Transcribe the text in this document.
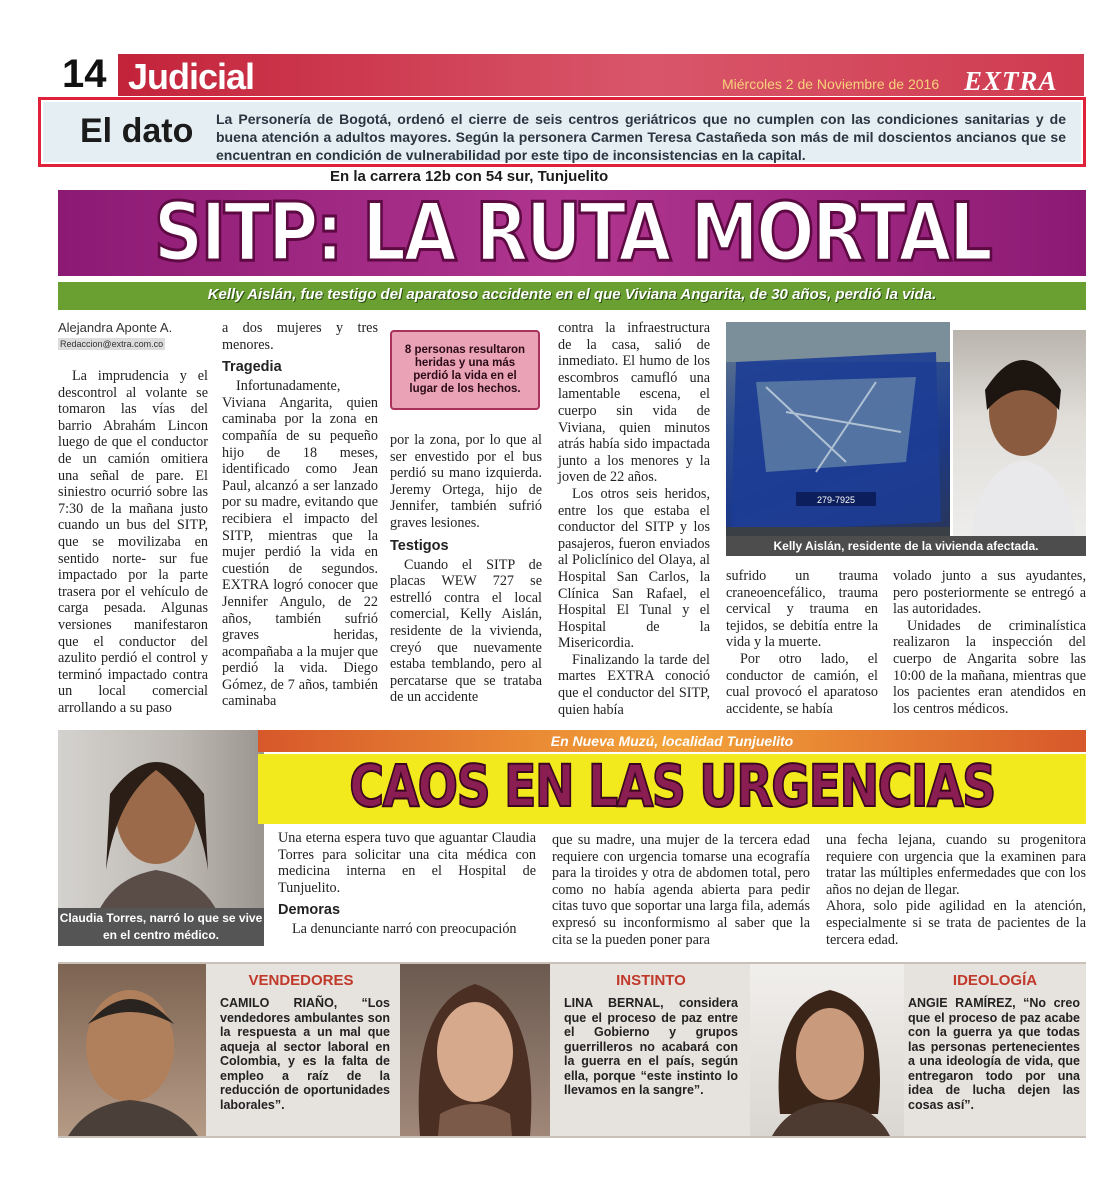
14 Judicial	Miércoles 2 de Noviembre de 2016 EXTRA
El dato La Personería de Bogotá, ordenó el cierre de seis centros geriátricos que no cumplen con las condiciones sanitarias y de buena atención a adultos mayores. Según la personera Carmen Teresa Castañeda son más de mil doscientos ancianos que se encuentran en condición de vulnerabilidad por este tipo de inconsistencias en la capital.
En la carrera 12b con 54 sur, Tunjuelito
SITP: LA RUTA MORTAL
Kelly Aislán, fue testigo del aparatoso accidente en el que Viviana Angarita, de 30 años, perdió la vida.
Alejandra Aponte A.
Redaccion@extra.com.co

La imprudencia y el descontrol al volante se tomaron las vías del barrio Abrahám Lincon luego de que el conductor de un camión omitiera una señal de pare. El siniestro ocurrió sobre las 7:30 de la mañana justo cuando un bus del SITP, que se movilizaba en sentido norte- sur fue impactado por la parte trasera por el vehículo de carga pesada. Algunas versiones manifestaron que el conductor del azulito perdió el control y terminó impactado contra un local comercial arrollando a su paso

a dos mujeres y tres menores.
Tragedia

Infortunadamente, Viviana Angarita, quien caminaba por la zona en compañía de su pequeño hijo de 18 meses, identificado como Jean Paul, alcanzó a ser lanzado por su madre, evitando que recibiera el impacto del SITP, mientras que la mujer perdió la vida en cuestión de segundos. EXTRA logró conocer que Jennifer Angulo, de 22 años, también sufrió graves heridas, acompañaba a la mujer que perdió la vida. Diego Gómez, de 7 años, también caminaba

8 personas resultaron heridas y una más perdió la vida en el lugar de los hechos.
por la zona, por lo que al ser envestido por el bus perdió su mano izquierda. Jeremy Ortega, hijo de Jennifer, también sufrió graves lesiones.
Testigos

Cuando el SITP de placas WEW 727 se estrelló contra el local comercial, Kelly Aislán, residente de la vivienda, creyó que nuevamente estaba temblando, pero al percatarse que se trataba de un accidente

contra la infraestructura de la casa, salió de inmediato. El humo de los escombros camufló una lamentable escena, el cuerpo sin vida de Viviana, quien minutos atrás había sido impactada junto a los menores y la joven de 22 años.

Los otros seis heridos, entre los que estaba el conductor del SITP y los pasajeros, fueron enviados al Policlínico del Olaya, al Hospital San Carlos, la Clínica San Rafael, el Hospital El Tunal y el Hospital de la Misericordia.

Finalizando la tarde del martes EXTRA conoció que el conductor del SITP, quien había

279-7925
Kelly Aislán, residente de la vivienda afectada.
sufrido un trauma craneoencefálico, trauma cervical y trauma en tejidos, se debitía entre la vida y la muerte.

Por otro lado, el conductor de camión, el cual provocó el aparatoso accidente, se había

volado junto a sus ayudantes, pero posteriormente se entregó a las autoridades.

Unidades de criminalística realizaron la inspección del cuerpo de Angarita sobre las 10:00 de la mañana, mientras que los pacientes eran atendidos en los centros médicos.

Claudia Torres, narró lo que se vive en el centro médico.
En Nueva Muzú, localidad Tunjuelito
CAOS EN LAS URGENCIAS
Una eterna espera tuvo que aguantar Claudia Torres para solicitar una cita médica con medicina interna en el Hospital de Tunjuelito.
Demoras

La denunciante narró con preocupación

que su madre, una mujer de la tercera edad requiere con urgencia tomarse una ecografía para la tiroides y otra de abdomen total, pero como no había agenda abierta para pedir citas tuvo que soportar una larga fila, además expresó su inconformismo al saber que la cita se la pueden poner para
una fecha lejana, cuando su progenitora requiere con urgencia que la examinen para tratar las múltiples enfermedades que con los años no dejan de llegar.
Ahora, solo pide agilidad en la atención, especialmente si se trata de pacientes de la tercera edad.
VENDEDORES
CAMILO RIAÑO, “Los vendedores ambulantes son la respuesta a un mal que aqueja al sector laboral en Colombia, y es la falta de empleo a raíz de la reducción de oportunidades laborales”.
INSTINTO
LINA BERNAL, considera que el proceso de paz entre el Gobierno y grupos guerrilleros no acabará con la guerra en el país, según ella, porque “este instinto lo llevamos en la sangre”.
IDEOLOGÍA
ANGIE RAMÍREZ, “No creo que el proceso de paz acabe con la guerra ya que todas las personas pertenecientes a una ideología de vida, que entregaron todo por una idea de lucha dejen las cosas así”.
